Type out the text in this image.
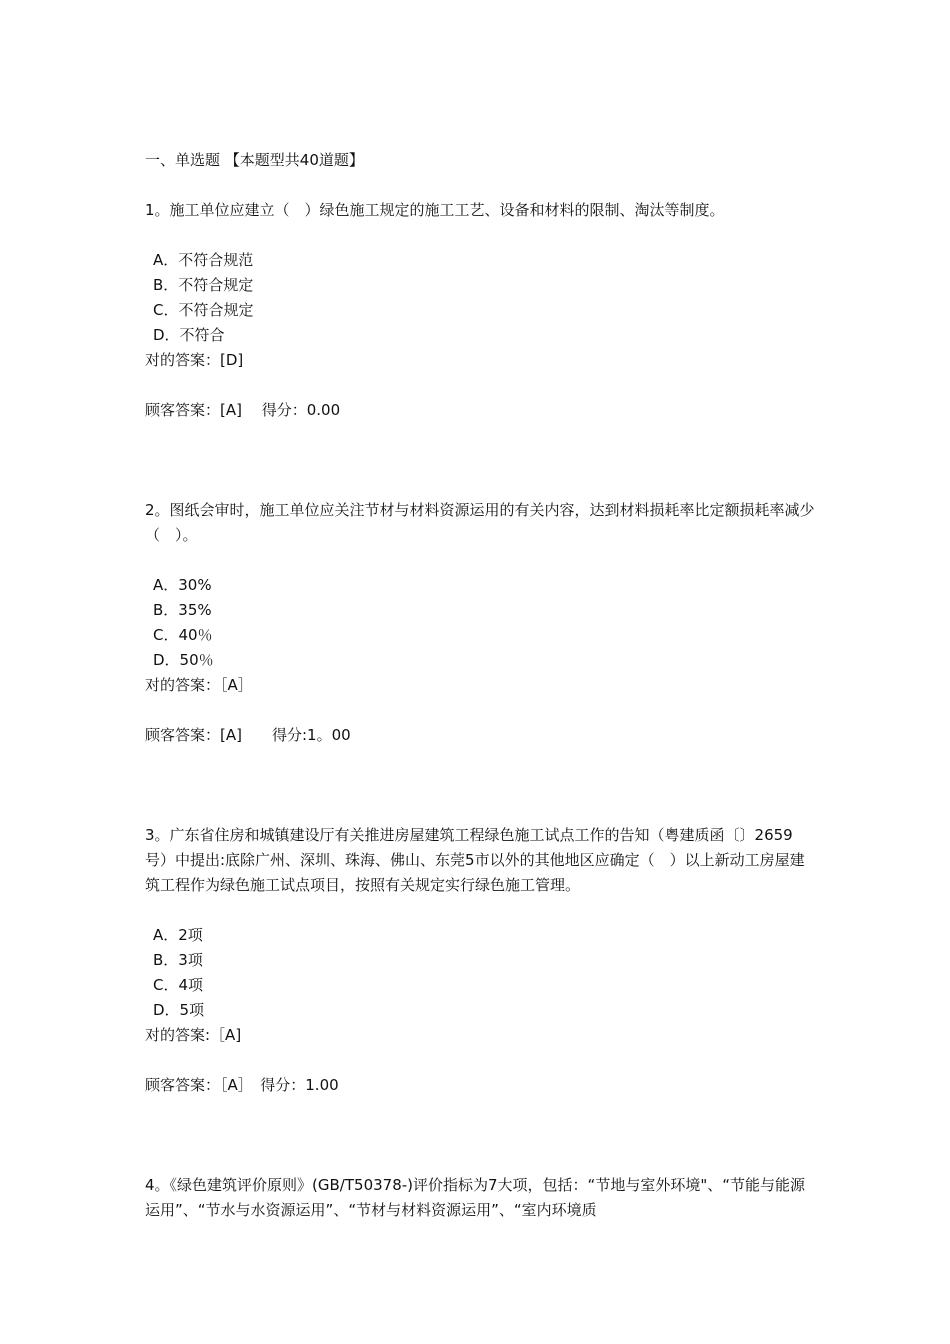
一、单选题 【本题型共40道题】

1。施工单位应建立（　）绿色施工规定的施工工艺、设备和材料的限制、淘汰等制度。

A．不符合规范
B．不符合规定
C．不符合规定
D．不符合

对的答案：[D]

顾客答案：[A]　 得分：0.00

2。图纸会审时，施工单位应关注节材与材料资源运用的有关内容，达到材料损耗率比定额损耗率减少（　）。

A．30%
B．35%
C．40％
D．50％

对的答案：［A］

顾客答案：[A]　　得分:1。00

3。广东省住房和城镇建设厅有关推进房屋建筑工程绿色施工试点工作的告知（粤建质函〔〕2659号）中提出:底除广州、深圳、珠海、佛山、东莞5市以外的其他地区应确定（　）以上新动工房屋建筑工程作为绿色施工试点项目，按照有关规定实行绿色施工管理。

A．2项
B．3项
C．4项
D．5项

对的答案:［A]

顾客答案：［A］　得分：1.00

4。《绿色建筑评价原则》(GB/T50378-)评价指标为7大项，包括：“节地与室外环境"、“节能与能源运用”、“节水与水资源运用”、“节材与材料资源运用”、“室内环境质
